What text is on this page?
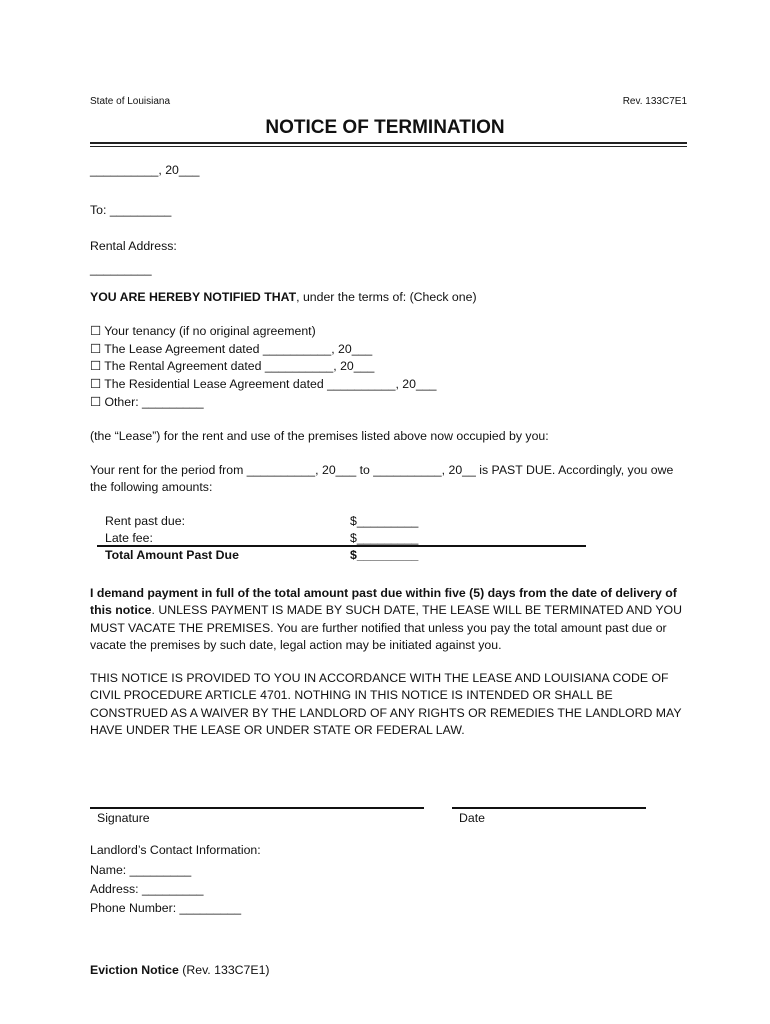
State of Louisiana	Rev. 133C7E1
NOTICE OF TERMINATION
__________, 20___
To: _________
Rental Address:
_________
YOU ARE HEREBY NOTIFIED THAT, under the terms of: (Check one)
☐ Your tenancy (if no original agreement)
☐ The Lease Agreement dated __________, 20___
☐ The Rental Agreement dated __________, 20___
☐ The Residential Lease Agreement dated __________, 20___
☐ Other: _________
(the “Lease”) for the rent and use of the premises listed above now occupied by you:
Your rent for the period from __________, 20___ to __________, 20__ is PAST DUE. Accordingly, you owe the following amounts:
Rent past due:	$_________
Late fee:	$_________
Total Amount Past Due	$_________
I demand payment in full of the total amount past due within five (5) days from the date of delivery of this notice. UNLESS PAYMENT IS MADE BY SUCH DATE, THE LEASE WILL BE TERMINATED AND YOU MUST VACATE THE PREMISES. You are further notified that unless you pay the total amount past due or vacate the premises by such date, legal action may be initiated against you.
THIS NOTICE IS PROVIDED TO YOU IN ACCORDANCE WITH THE LEASE AND LOUISIANA CODE OF CIVIL PROCEDURE ARTICLE 4701. NOTHING IN THIS NOTICE IS INTENDED OR SHALL BE CONSTRUED AS A WAIVER BY THE LANDLORD OF ANY RIGHTS OR REMEDIES THE LANDLORD MAY HAVE UNDER THE LEASE OR UNDER STATE OR FEDERAL LAW.
Signature	Date
Landlord’s Contact Information:
Name: _________
Address: _________
Phone Number: _________
Eviction Notice (Rev. 133C7E1)
